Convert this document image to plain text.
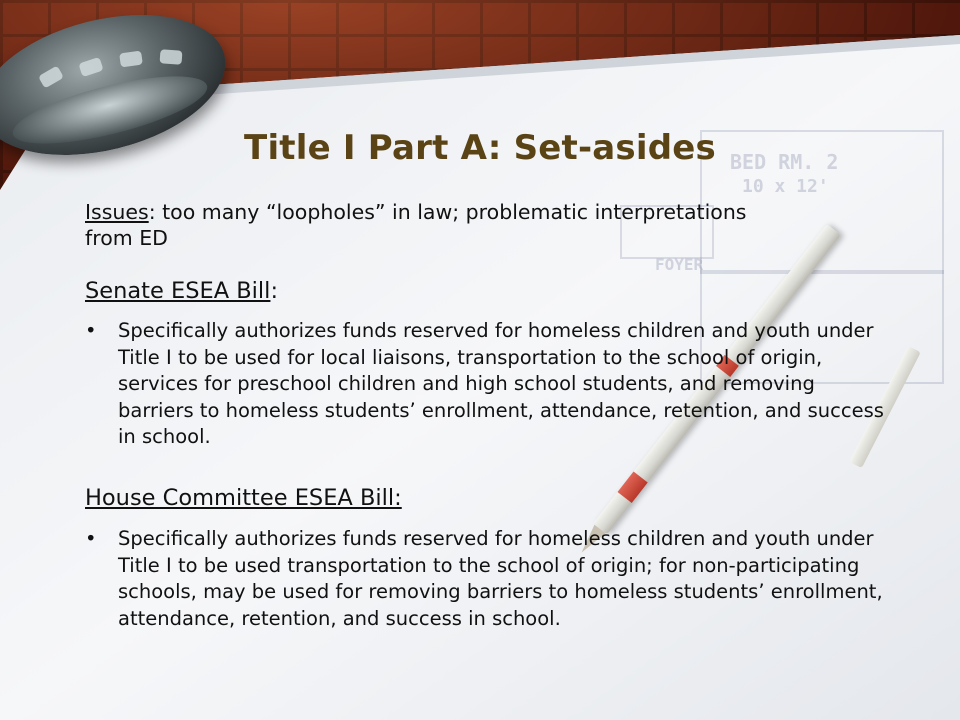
BED RM. 2
10 x 12'
FOYER
Title I Part A: Set-asides

Issues: too many “loopholes” in law; problematic interpretations from ED

Senate ESEA Bill:

• Specifically authorizes funds reserved for homeless children and youth under Title I to be used for local liaisons, transportation to the school of origin, services for preschool children and high school students, and removing barriers to homeless students’ enrollment, attendance, retention, and success in school.

House Committee ESEA Bill:

• Specifically authorizes funds reserved for homeless children and youth under Title I to be used transportation to the school of origin; for non-participating schools, may be used for removing barriers to homeless students’ enrollment, attendance, retention, and success in school.
